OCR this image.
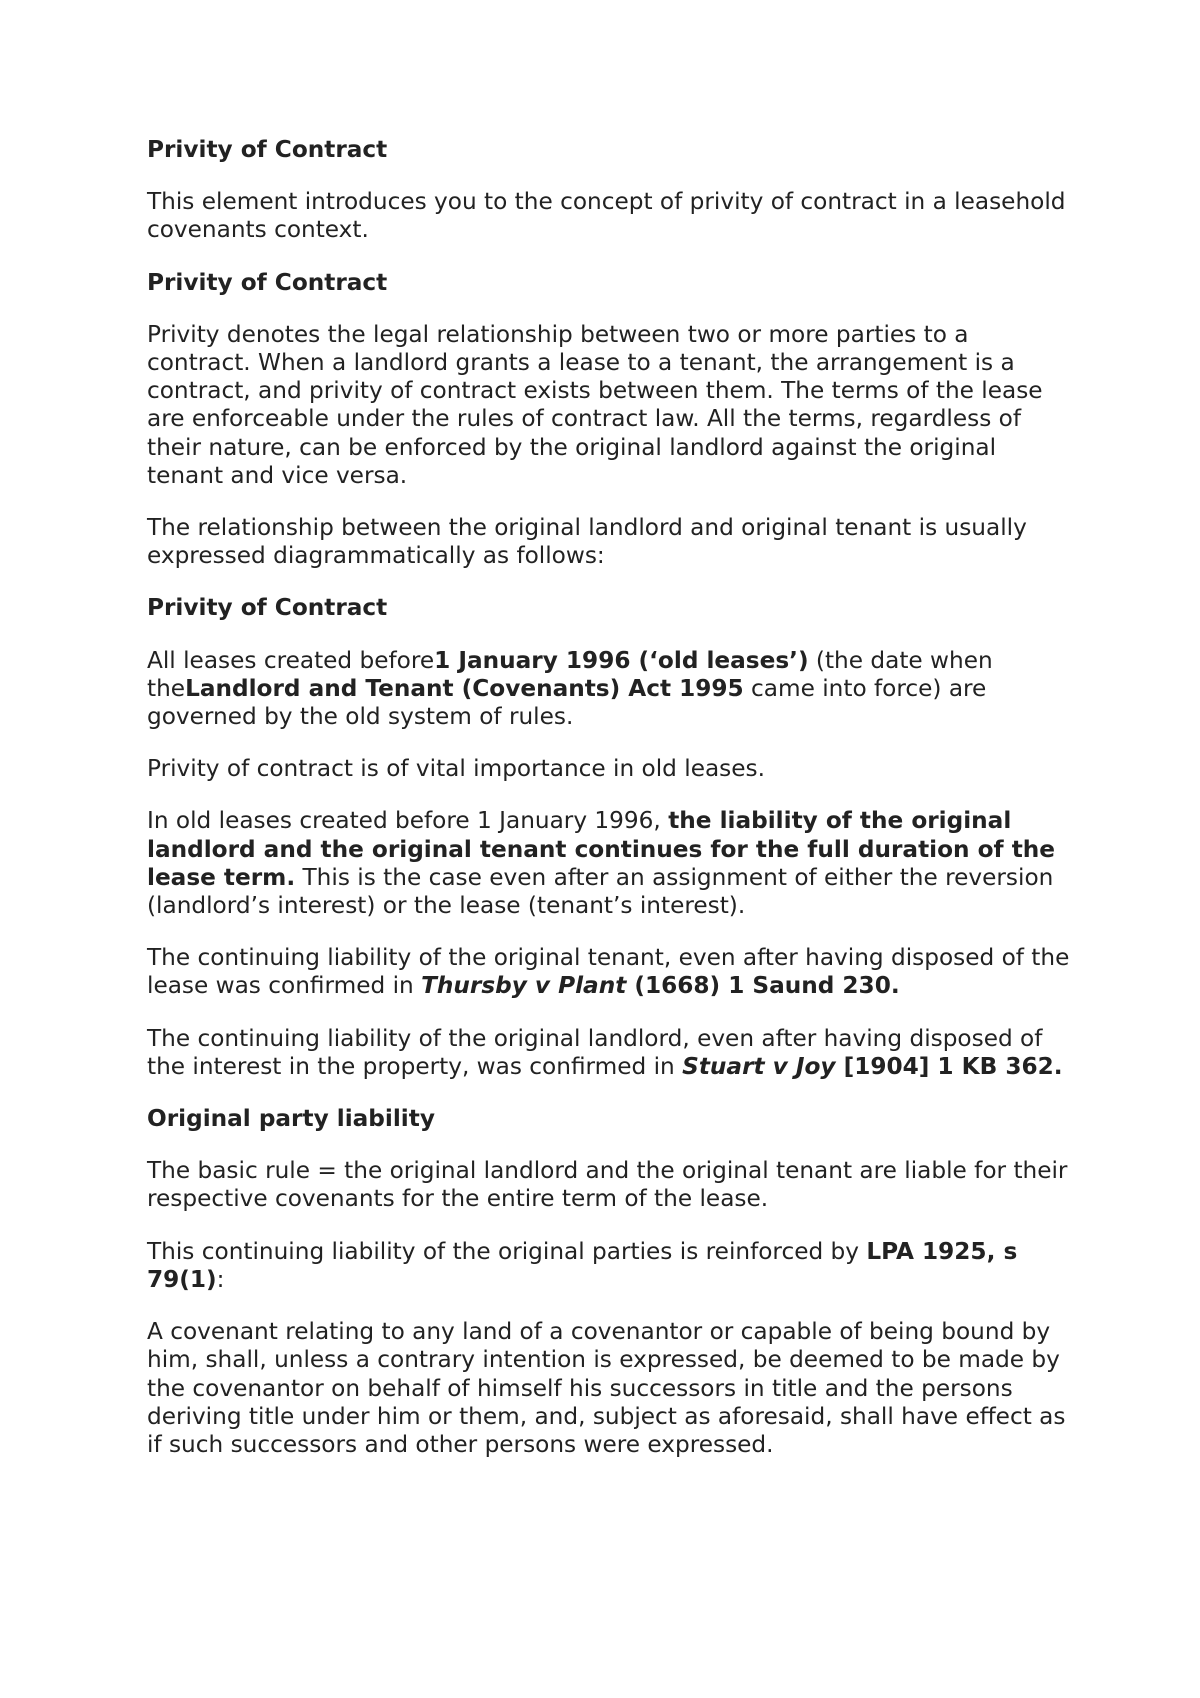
Privity of Contract

This element introduces you to the concept of privity of contract in a leasehold covenants context.

Privity of Contract

Privity denotes the legal relationship between two or more parties to a contract. When a landlord grants a lease to a tenant, the arrangement is a contract, and privity of contract exists between them. The terms of the lease are enforceable under the rules of contract law. All the terms, regardless of their nature, can be enforced by the original landlord against the original tenant and vice versa.

The relationship between the original landlord and original tenant is usually expressed diagrammatically as follows:

Privity of Contract

All leases created before1 January 1996 (‘old leases’) (the date when theLandlord and Tenant (Covenants) Act 1995 came into force) are governed by the old system of rules.

Privity of contract is of vital importance in old leases.

In old leases created before 1 January 1996, the liability of the original landlord and the original tenant continues for the full duration of the lease term. This is the case even after an assignment of either the reversion (landlord’s interest) or the lease (tenant’s interest).

The continuing liability of the original tenant, even after having disposed of the lease was confirmed in Thursby v Plant (1668) 1 Saund 230.

The continuing liability of the original landlord, even after having disposed of the interest in the property, was confirmed in Stuart v Joy [1904] 1 KB 362.

Original party liability

The basic rule = the original landlord and the original tenant are liable for their respective covenants for the entire term of the lease.

This continuing liability of the original parties is reinforced by LPA 1925, s 79(1):

A covenant relating to any land of a covenantor or capable of being bound by him, shall, unless a contrary intention is expressed, be deemed to be made by the covenantor on behalf of himself his successors in title and the persons deriving title under him or them, and, subject as aforesaid, shall have effect as if such successors and other persons were expressed.
